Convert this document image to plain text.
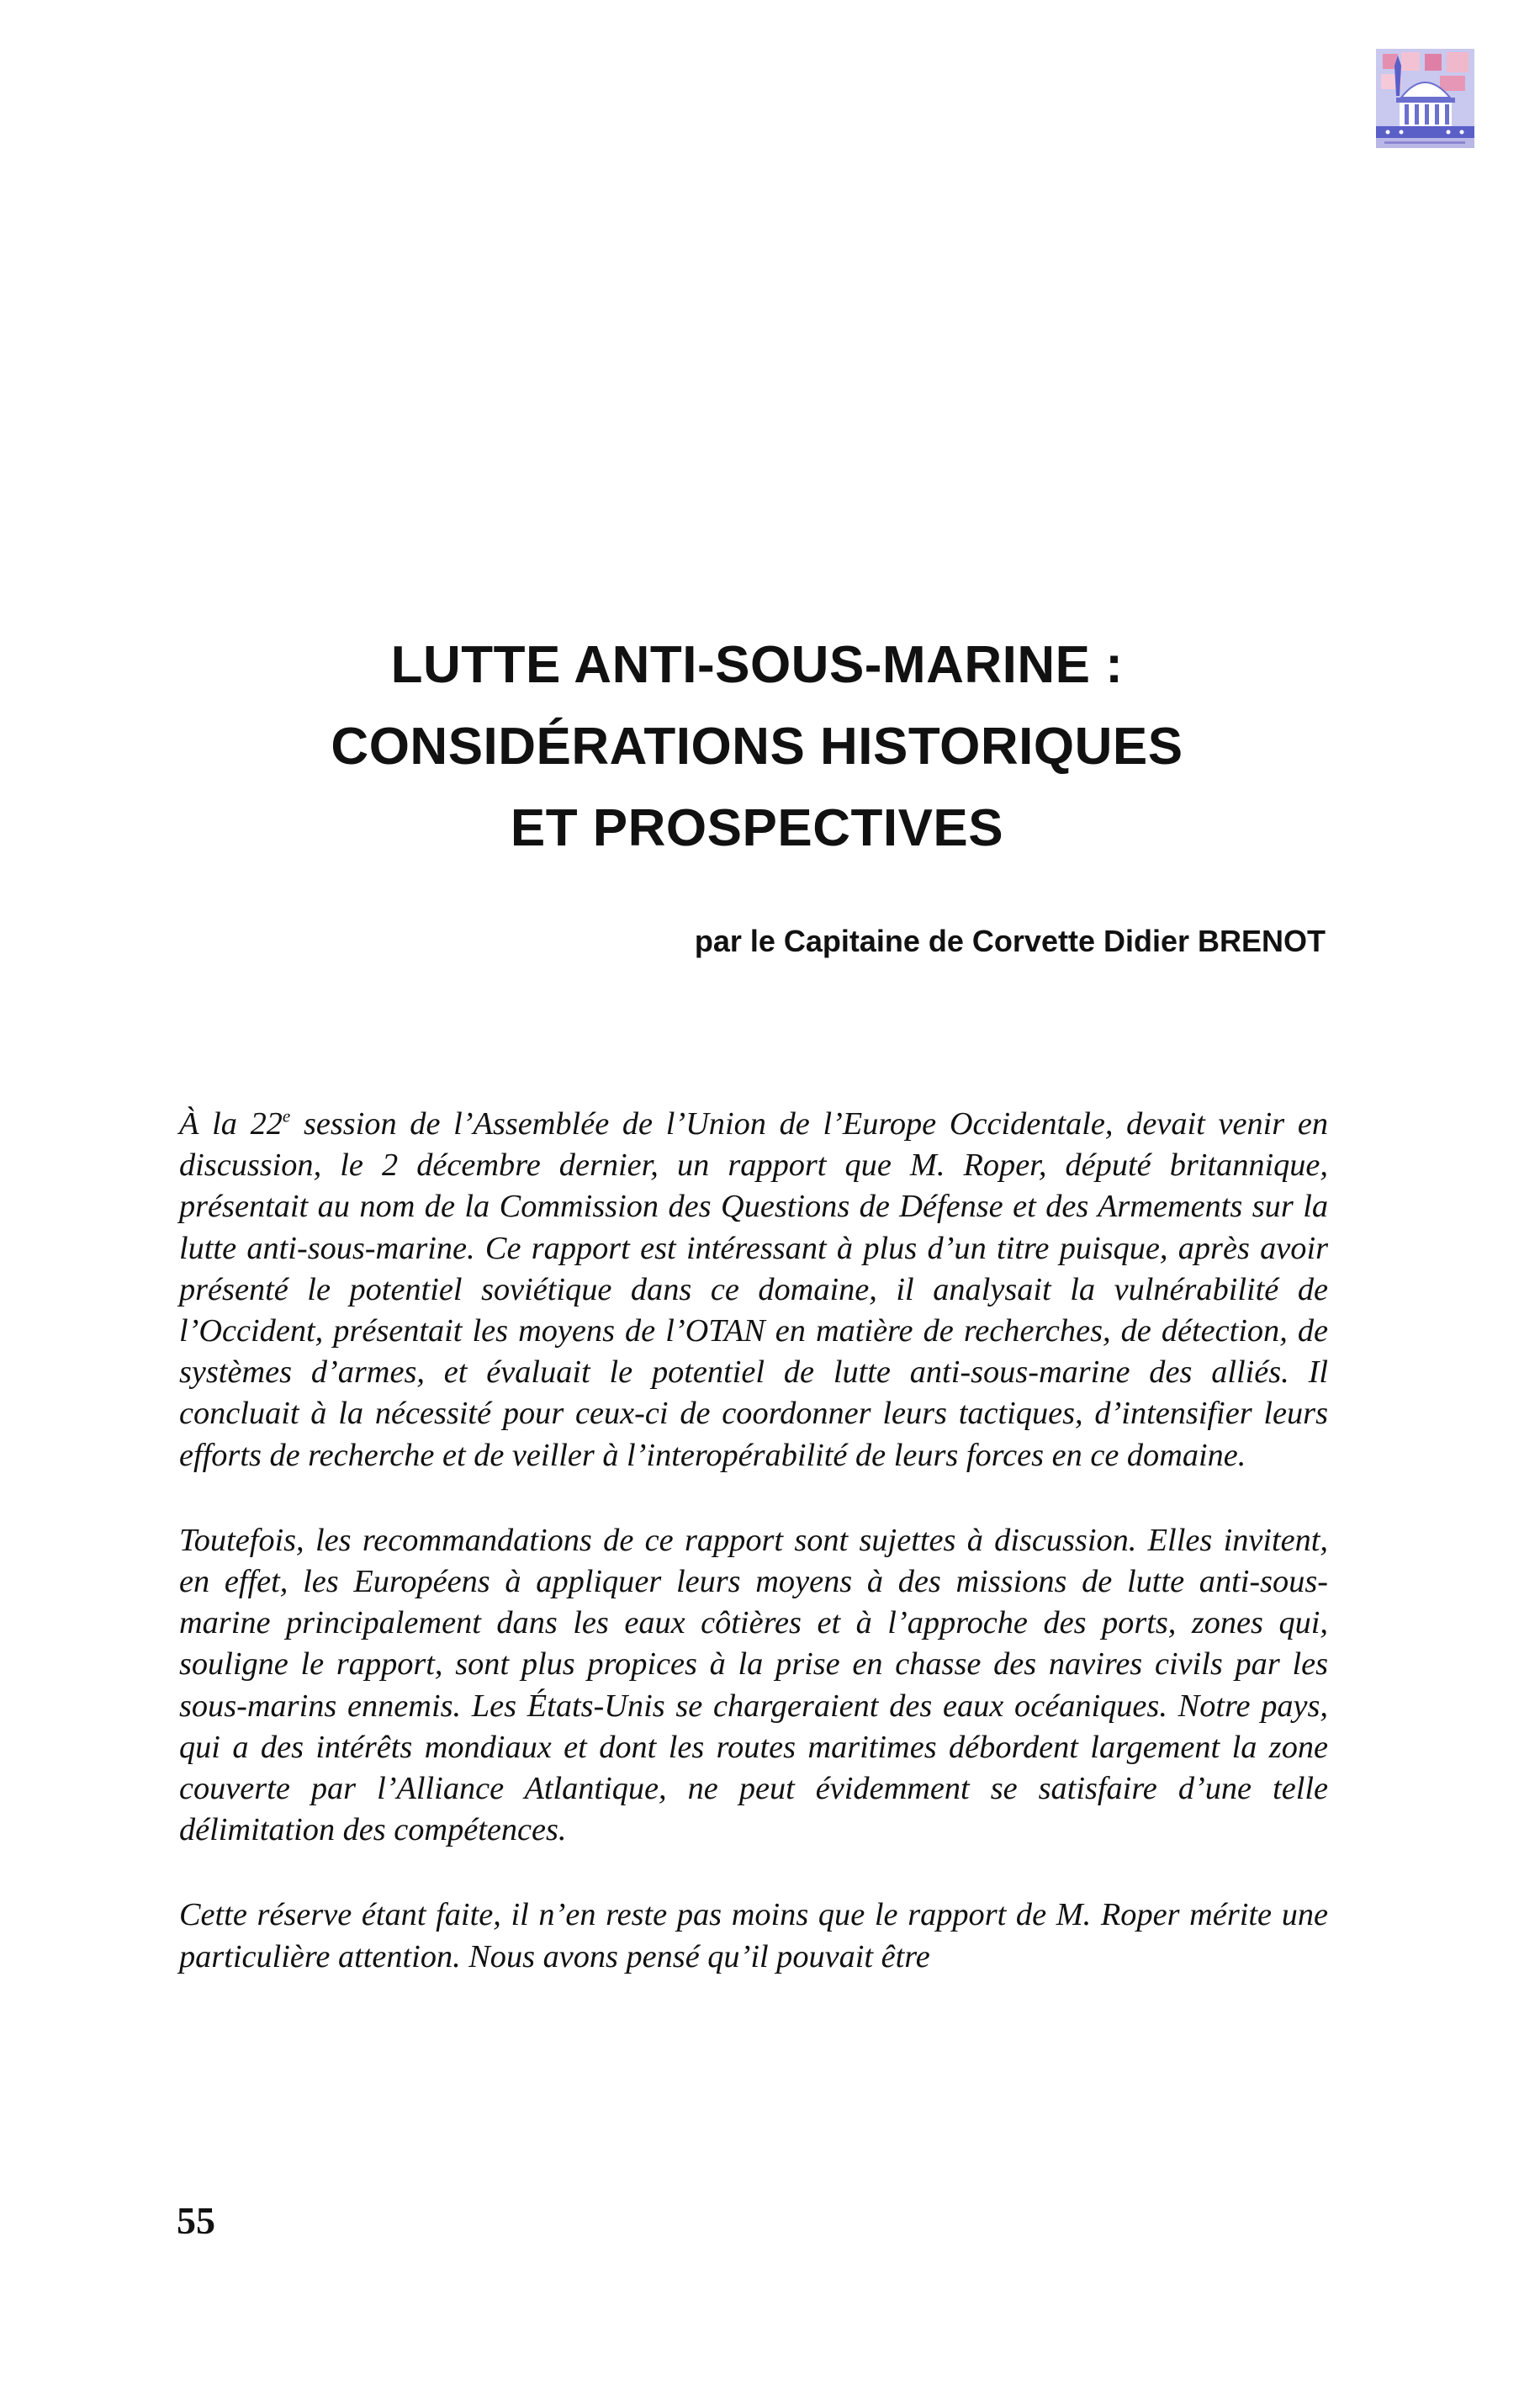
LUTTE ANTI-SOUS-MARINE :
CONSIDÉRATIONS HISTORIQUES
ET PROSPECTIVES

par le Capitaine de Corvette Didier BRENOT

À la 22e session de l’Assemblée de l’Union de l’Europe Occidentale, devait venir en discussion, le 2 décembre dernier, un rapport que M. Roper, député britannique, présentait au nom de la Commission des Questions de Défense et des Armements sur la lutte anti-sous-marine. Ce rapport est intéressant à plus d’un titre puisque, après avoir présenté le potentiel soviétique dans ce domaine, il analysait la vulnérabilité de l’Occident, présentait les moyens de l’OTAN en matière de recherches, de détection, de systèmes d’armes, et évaluait le potentiel de lutte anti-sous-marine des alliés. Il concluait à la nécessité pour ceux-ci de coordonner leurs tactiques, d’intensifier leurs efforts de recherche et de veiller à l’interopérabilité de leurs forces en ce domaine.

Toutefois, les recommandations de ce rapport sont sujettes à discussion. Elles invitent, en effet, les Européens à appliquer leurs moyens à des missions de lutte anti-sous-marine principalement dans les eaux côtières et à l’approche des ports, zones qui, souligne le rapport, sont plus propices à la prise en chasse des navires civils par les sous-marins ennemis. Les États-Unis se chargeraient des eaux océaniques. Notre pays, qui a des intérêts mondiaux et dont les routes maritimes débordent largement la zone couverte par l’Alliance Atlantique, ne peut évidemment se satisfaire d’une telle délimitation des compétences.

Cette réserve étant faite, il n’en reste pas moins que le rapport de M. Roper mérite une particulière attention. Nous avons pensé qu’il pouvait être

55
